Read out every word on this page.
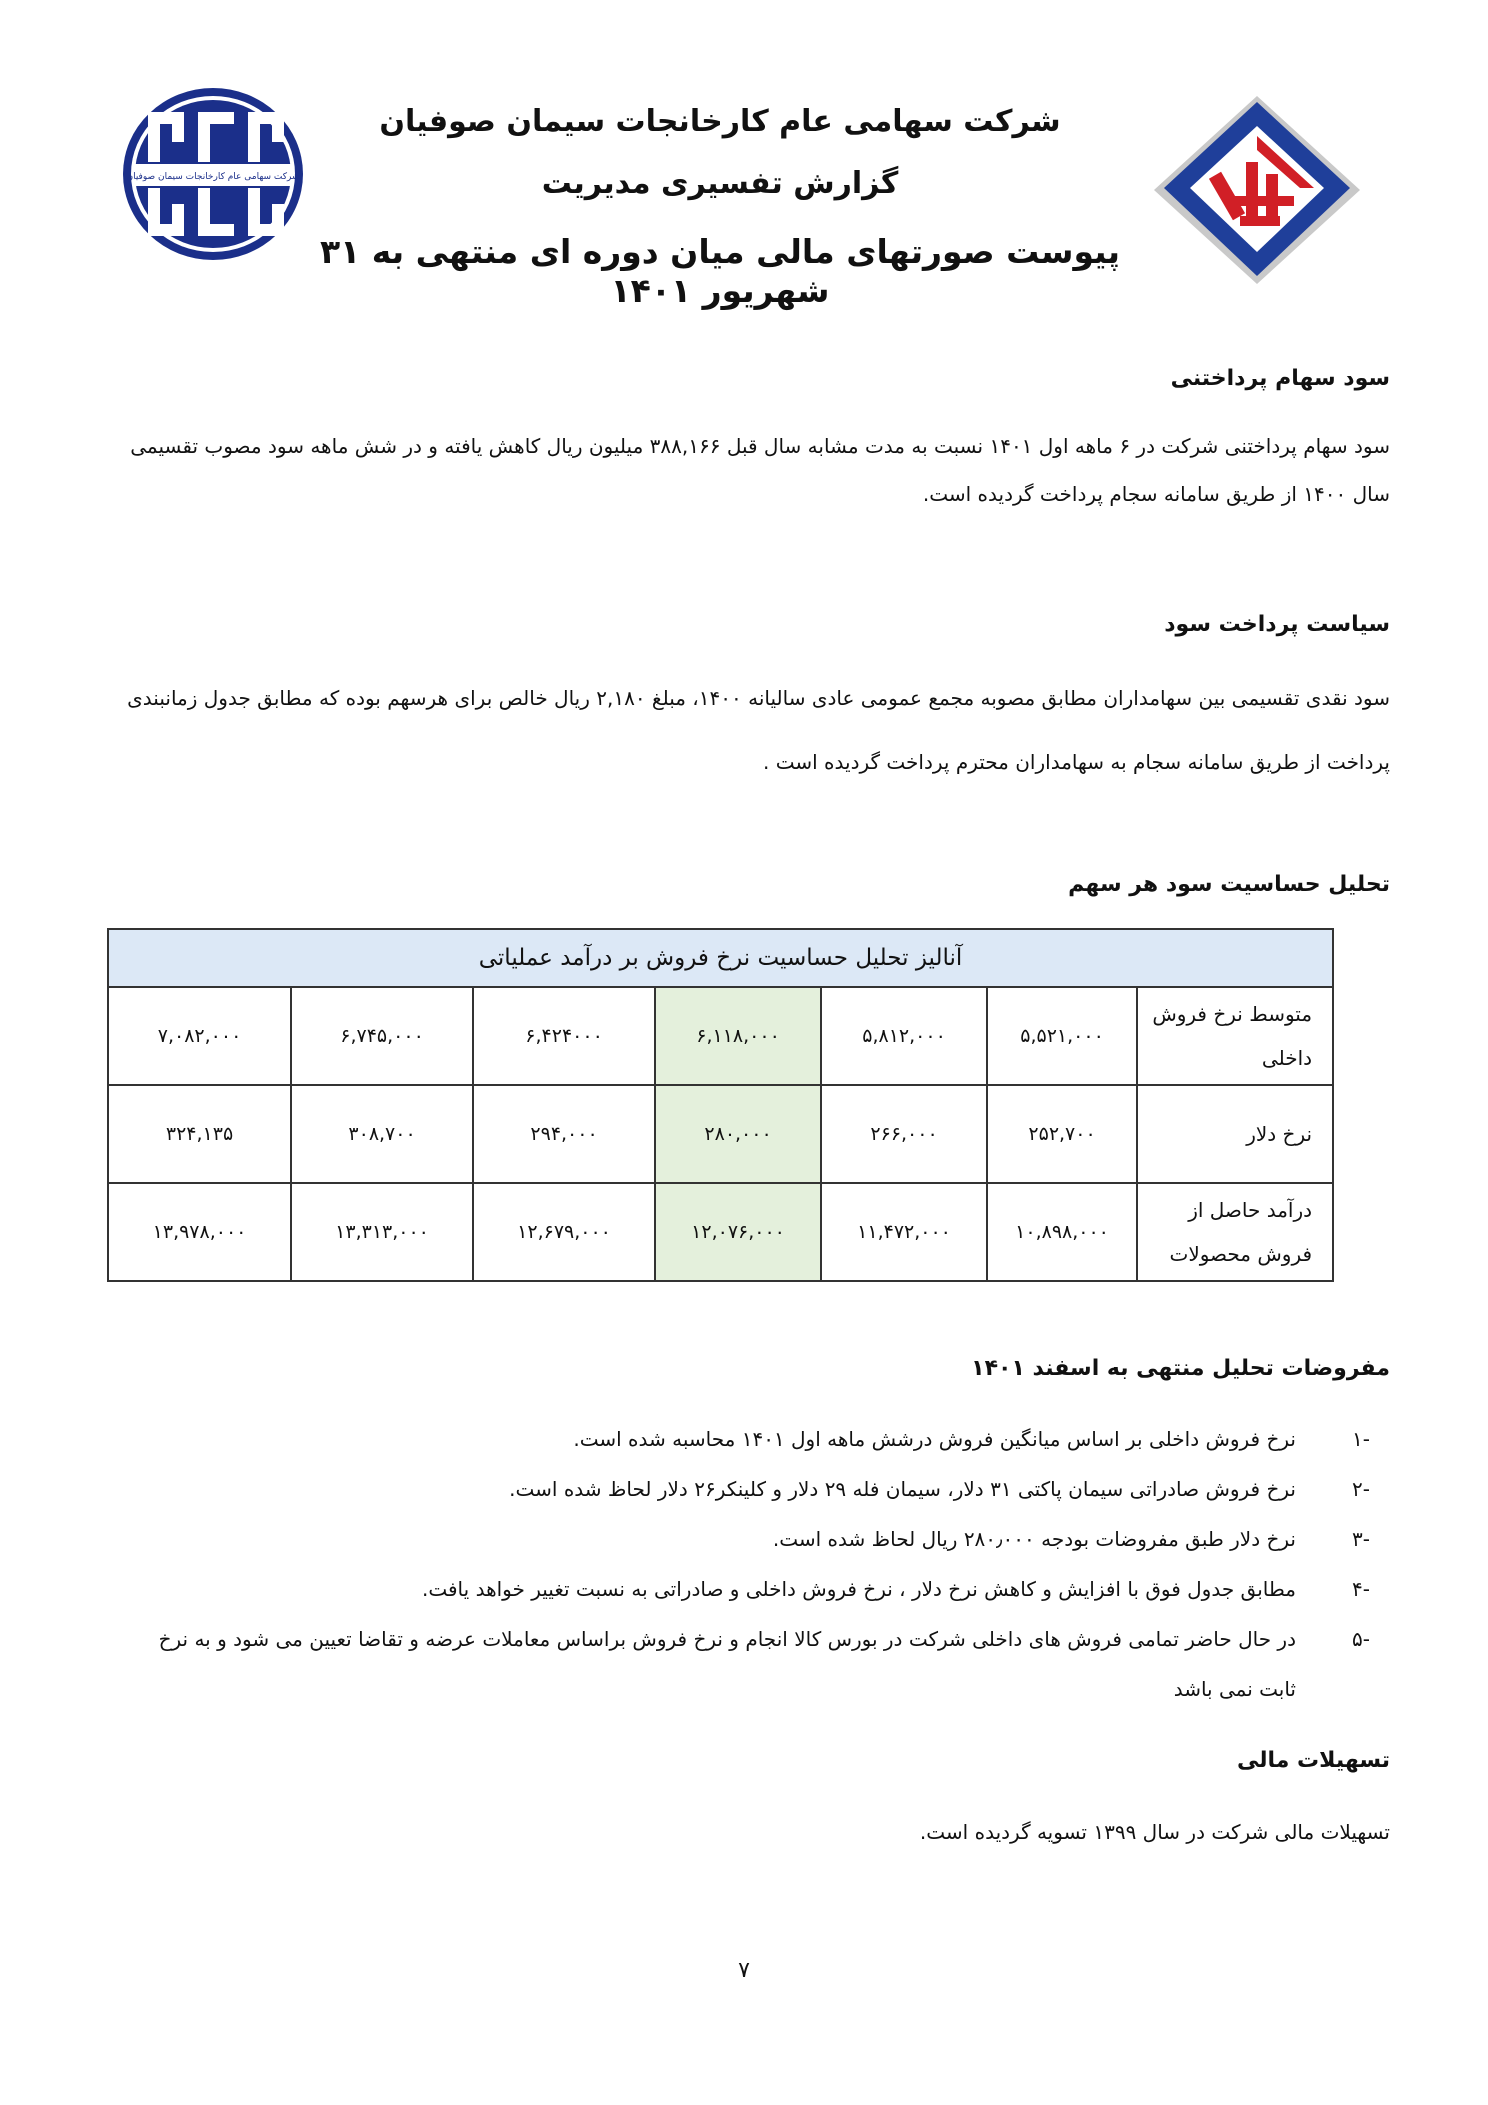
شرکت سهامی عام کارخانجات سیمان صوفیان
شرکت سهامی عام کارخانجات سیمان صوفیان
گزارش تفسیری مدیریت
پیوست صورتهای مالی میان دوره ای منتهی به ۳۱ شهریور ۱۴۰۱
سود سهام پرداختنی
سود سهام پرداختنی شرکت در ۶ ماهه اول ۱۴۰۱ نسبت به مدت مشابه سال قبل ۳۸۸,۱۶۶ میلیون ریال کاهش یافته و در شش ماهه سود مصوب تقسیمی سال ۱۴۰۰ از طریق سامانه سجام پرداخت گردیده است.
سیاست پرداخت سود
سود نقدی تقسیمی بین سهامداران مطابق مصوبه مجمع عمومی عادی سالیانه ۱۴۰۰، مبلغ ۲,۱۸۰ ریال خالص برای هرسهم بوده که مطابق جدول زمانبندی پرداخت از طریق سامانه سجام به سهامداران محترم پرداخت گردیده است .
تحلیل حساسیت سود هر سهم
آنالیز تحلیل حساسیت نرخ فروش بر درآمد عملیاتی						
متوسط نرخ فروش داخلی	۵,۵۲۱,۰۰۰	۵,۸۱۲,۰۰۰	۶,۱۱۸,۰۰۰	۶,۴۲۴۰۰۰	۶,۷۴۵,۰۰۰	۷,۰۸۲,۰۰۰
نرخ دلار	۲۵۲,۷۰۰	۲۶۶,۰۰۰	۲۸۰,۰۰۰	۲۹۴,۰۰۰	۳۰۸,۷۰۰	۳۲۴,۱۳۵
درآمد حاصل از فروش محصولات	۱۰,۸۹۸,۰۰۰	۱۱,۴۷۲,۰۰۰	۱۲,۰۷۶,۰۰۰	۱۲,۶۷۹,۰۰۰	۱۳,۳۱۳,۰۰۰	۱۳,۹۷۸,۰۰۰
مفروضات تحلیل منتهی به اسفند ۱۴۰۱
-۱
نرخ فروش داخلی بر اساس میانگین فروش درشش ماهه اول ۱۴۰۱ محاسبه شده است.
-۲
نرخ فروش صادراتی سیمان پاکتی ۳۱ دلار، سیمان فله ۲۹ دلار و کلینکر۲۶ دلار لحاظ شده است.
-۳
نرخ دلار طبق مفروضات بودجه ۲۸۰٫۰۰۰ ریال لحاظ شده است.
-۴
مطابق جدول فوق با افزایش و کاهش نرخ دلار ، نرخ فروش داخلی و صادراتی به نسبت تغییر خواهد یافت.
-۵
در حال حاضر تمامی فروش های داخلی شرکت در بورس کالا انجام و نرخ فروش براساس معاملات عرضه و تقاضا تعیین می شود و به نرخ ثابت نمی باشد
تسهیلات مالی
تسهیلات مالی شرکت در سال ۱۳۹۹ تسویه گردیده است.
۷
